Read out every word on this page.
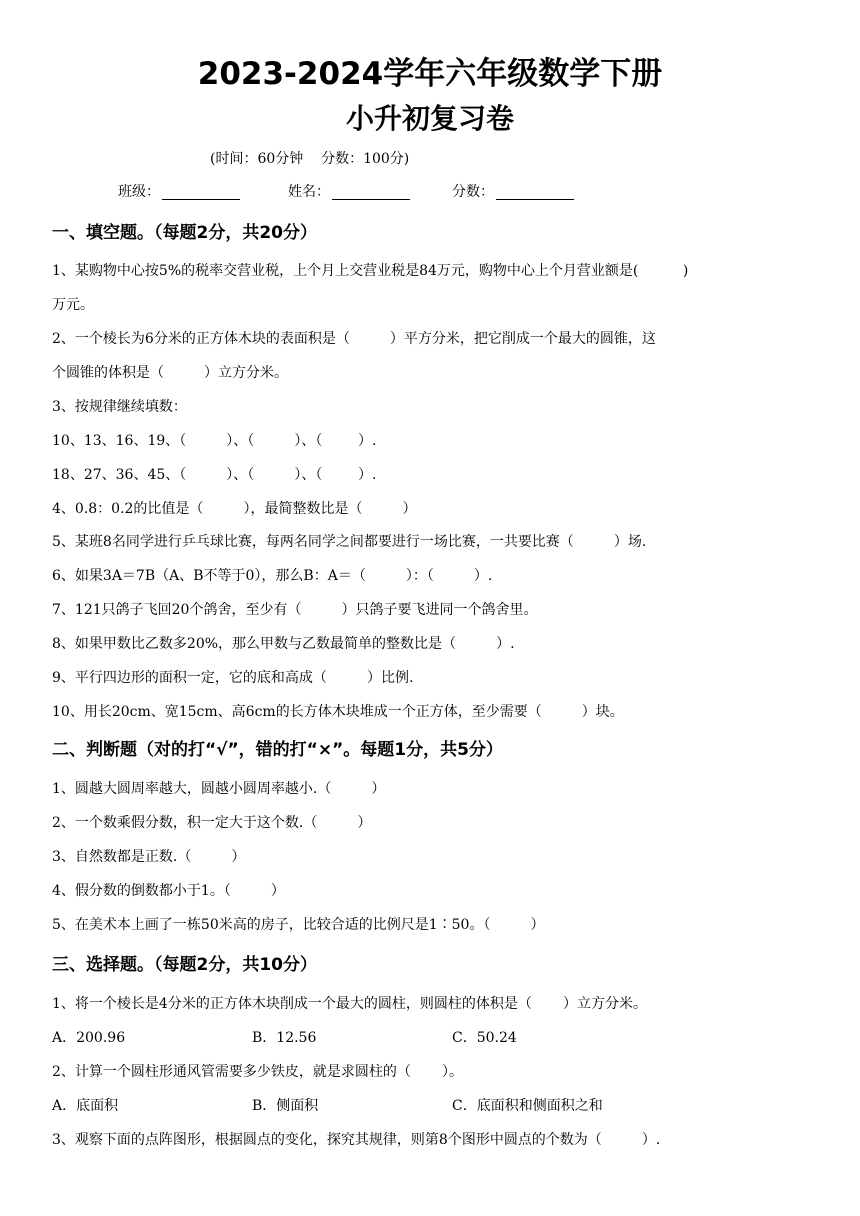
2023-2024学年六年级数学下册
小升初复习卷
(时间：60分钟    分数：100分)
班级：	姓名：	分数：
一、填空题。（每题2分，共20分）
1、某购物中心按5%的税率交营业税，上个月上交营业税是84万元，购物中心上个月营业额是(          )
万元。
2、一个棱长为6分米的正方体木块的表面积是（         ）平方分米，把它削成一个最大的圆锥，这
个圆锥的体积是（         ）立方分米。
3、按规律继续填数：
10、13、16、19、（         ）、（         ）、（        ）.
18、27、36、45、（         ）、（         ）、（        ）.
4、0.8：0.2的比值是（         ），最简整数比是（         ）
5、某班8名同学进行乒乓球比赛，每两名同学之间都要进行一场比赛，一共要比赛（         ）场.
6、如果3A＝7B（A、B不等于0），那么B：A＝（         ）：（         ）.
7、121只鸽子飞回20个鸽舍，至少有（         ）只鸽子要飞进同一个鸽舍里。
8、如果甲数比乙数多20%，那么甲数与乙数最简单的整数比是（         ）.
9、平行四边形的面积一定，它的底和高成（         ）比例.
10、用长20cm、宽15cm、高6cm的长方体木块堆成一个正方体，至少需要（         ）块。
二、判断题（对的打“√”，错的打“×”。每题1分，共5分）
1、圆越大圆周率越大，圆越小圆周率越小.（         ）
2、一个数乘假分数，积一定大于这个数.（         ）
3、自然数都是正数.（         ）
4、假分数的倒数都小于1。（         ）
5、在美术本上画了一栋50米高的房子，比较合适的比例尺是1∶50。（         ）
三、选择题。（每题2分，共10分）
1、将一个棱长是4分米的正方体木块削成一个最大的圆柱，则圆柱的体积是（       ）立方分米。
A．200.96	B．12.56	C．50.24
2、计算一个圆柱形通风管需要多少铁皮，就是求圆柱的（       ）。
A．底面积	B．侧面积	C．底面积和侧面积之和
3、观察下面的点阵图形，根据圆点的变化，探究其规律，则第8个图形中圆点的个数为（         ）.
